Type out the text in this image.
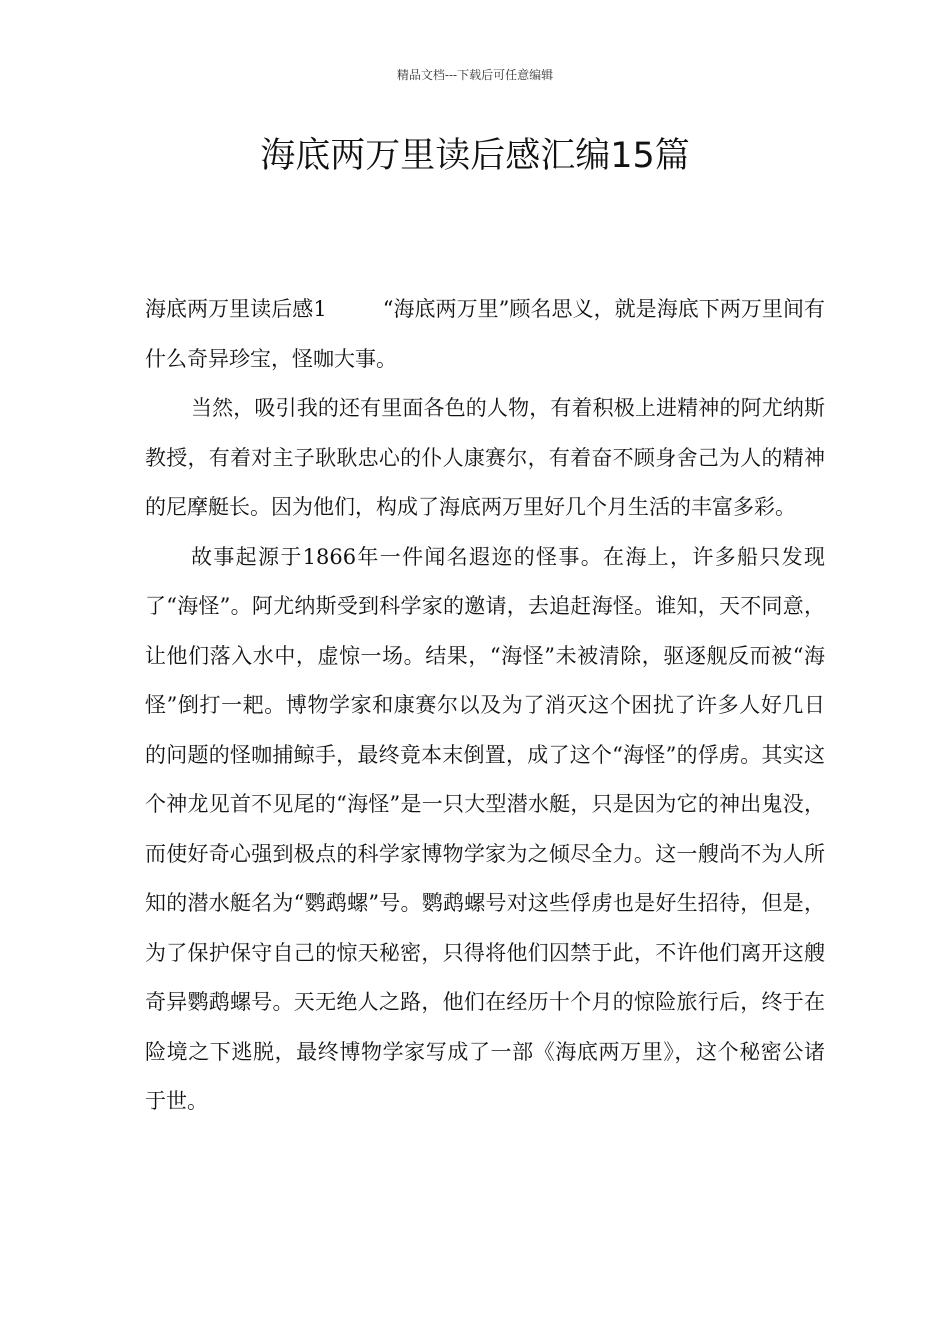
精品文档---下载后可任意编辑
海底两万里读后感汇编15篇

海底两万里读后感1	“海底两万里”顾名思义，就是海底下两万里间有什么奇异珍宝，怪咖大事。

当然，吸引我的还有里面各色的人物，有着积极上进精神的阿尤纳斯教授，有着对主子耿耿忠心的仆人康赛尔，有着奋不顾身舍己为人的精神的尼摩艇长。因为他们，构成了海底两万里好几个月生活的丰富多彩。

故事起源于1866年一件闻名遐迩的怪事。在海上，许多船只发现了“海怪”。阿尤纳斯受到科学家的邀请，去追赶海怪。谁知，天不同意，让他们落入水中，虚惊一场。结果，“海怪”未被清除，驱逐舰反而被“海怪”倒打一耙。博物学家和康赛尔以及为了消灭这个困扰了许多人好几日的问题的怪咖捕鲸手，最终竟本末倒置，成了这个“海怪”的俘虏。其实这个神龙见首不见尾的“海怪”是一只大型潜水艇，只是因为它的神出鬼没，而使好奇心强到极点的科学家博物学家为之倾尽全力。这一艘尚不为人所知的潜水艇名为“鹦鹉螺”号。鹦鹉螺号对这些俘虏也是好生招待，但是，为了保护保守自己的惊天秘密，只得将他们囚禁于此，不许他们离开这艘奇异鹦鹉螺号。天无绝人之路，他们在经历十个月的惊险旅行后，终于在险境之下逃脱，最终博物学家写成了一部《海底两万里》，这个秘密公诸于世。
